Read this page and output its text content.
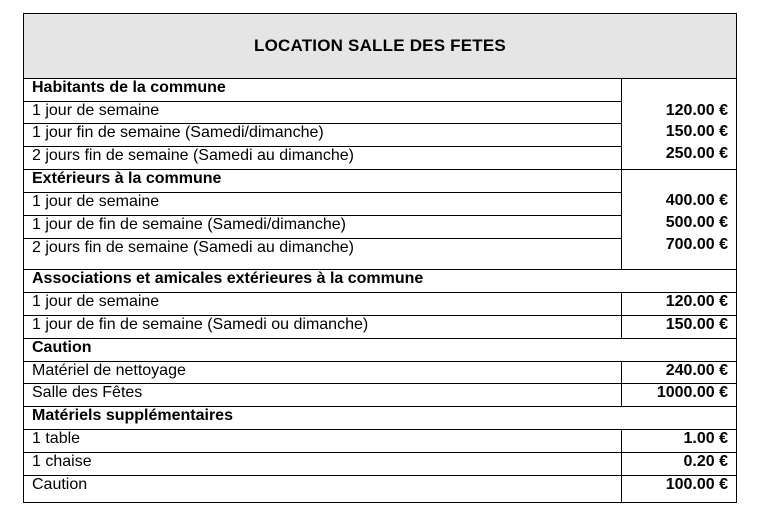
LOCATION SALLE DES FETES
Habitants de la commune
1 jour de semaine	120.00 €
1 jour fin de semaine (Samedi/dimanche)	150.00 €
2 jours fin de semaine (Samedi au dimanche)	250.00 €
Extérieurs à la commune
1 jour de semaine	400.00 €
1 jour de fin de semaine (Samedi/dimanche)	500.00 €
2 jours fin de semaine (Samedi au dimanche)	700.00 €
Associations et amicales extérieures à la commune
1 jour de semaine	120.00 €
1 jour de fin de semaine (Samedi ou dimanche)	150.00 €
Caution
Matériel de nettoyage	240.00 €
Salle des Fêtes	1000.00 €
Matériels supplémentaires
1 table	1.00 €
1 chaise	0.20 €
Caution	100.00 €
